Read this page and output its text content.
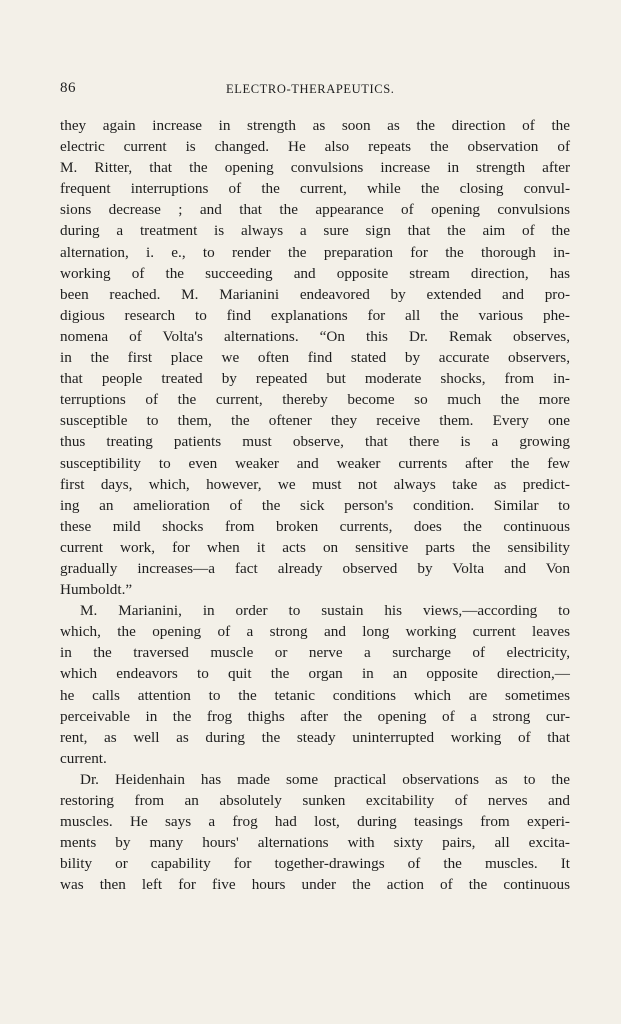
86	ELECTRO-THERAPEUTICS.
they again increase in strength as soon as the direction of the
electric current is changed. He also repeats the observation of
M. Ritter, that the opening convulsions increase in strength after
frequent interruptions of the current, while the closing convul-
sions decrease ; and that the appearance of opening convulsions
during a treatment is always a sure sign that the aim of the
alternation, i. e., to render the preparation for the thorough in-
working of the succeeding and opposite stream direction, has
been reached. M. Marianini endeavored by extended and pro-
digious research to find explanations for all the various phe-
nomena of Volta's alternations. “On this Dr. Remak observes,
in the first place we often find stated by accurate observers,
that people treated by repeated but moderate shocks, from in-
terruptions of the current, thereby become so much the more
susceptible to them, the oftener they receive them. Every one
thus treating patients must observe, that there is a growing
susceptibility to even weaker and weaker currents after the few
first days, which, however, we must not always take as predict-
ing an amelioration of the sick person's condition. Similar to
these mild shocks from broken currents, does the continuous
current work, for when it acts on sensitive parts the sensibility
gradually increases—a fact already observed by Volta and Von
Humboldt.”
M. Marianini, in order to sustain his views,—according to
which, the opening of a strong and long working current leaves
in the traversed muscle or nerve a surcharge of electricity,
which endeavors to quit the organ in an opposite direction,—
he calls attention to the tetanic conditions which are sometimes
perceivable in the frog thighs after the opening of a strong cur-
rent, as well as during the steady uninterrupted working of that
current.
Dr. Heidenhain has made some practical observations as to the
restoring from an absolutely sunken excitability of nerves and
muscles. He says a frog had lost, during teasings from experi-
ments by many hours' alternations with sixty pairs, all excita-
bility or capability for together-drawings of the muscles. It
was then left for five hours under the action of the continuous
